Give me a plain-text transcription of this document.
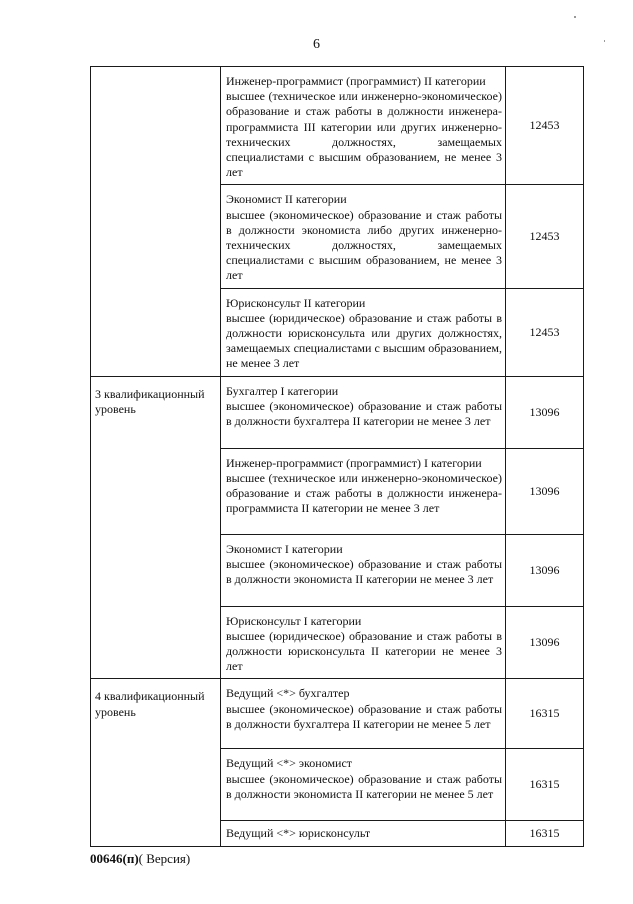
6

	Инженер-программист (программист) II категории
высшее (техническое или инженерно-экономическое) образование и стаж работы в должности инженера-программиста III категории или других инженерно-технических должностях, замещаемых специалистами с высшим образованием, не менее 3 лет	12453

	Экономист II категории
высшее (экономическое) образование и стаж работы в должности экономиста либо других инженерно-технических должностях, замещаемых специалистами с высшим образованием, не менее 3 лет	12453

	Юрисконсульт II категории
высшее (юридическое) образование и стаж работы в должности юрисконсульта или других должностях, замещаемых специалистами с высшим образованием, не менее 3 лет	12453
3 квалификационный уровень	Бухгалтер I категории
высшее (экономическое) образование и стаж работы в должности бухгалтера II категории не менее 3 лет	13096

	Инженер-программист (программист) I категории
высшее (техническое или инженерно-экономическое) образование и стаж работы в должности инженера-программиста II категории не менее 3 лет	13096

	Экономист I категории
высшее (экономическое) образование и стаж работы в должности экономиста II категории не менее 3 лет	13096

	Юрисконсульт I категории
высшее (юридическое) образование и стаж работы в должности юрисконсульта II категории не менее 3 лет	13096
4 квалификационный уровень	Ведущий <*> бухгалтер
высшее (экономическое) образование и стаж работы в должности бухгалтера II категории не менее 5 лет	16315

	Ведущий <*> экономист
высшее (экономическое) образование и стаж работы в должности экономиста II категории не менее 5 лет	16315

	Ведущий <*> юрисконсульт	16315
00646(п)( Версия)
